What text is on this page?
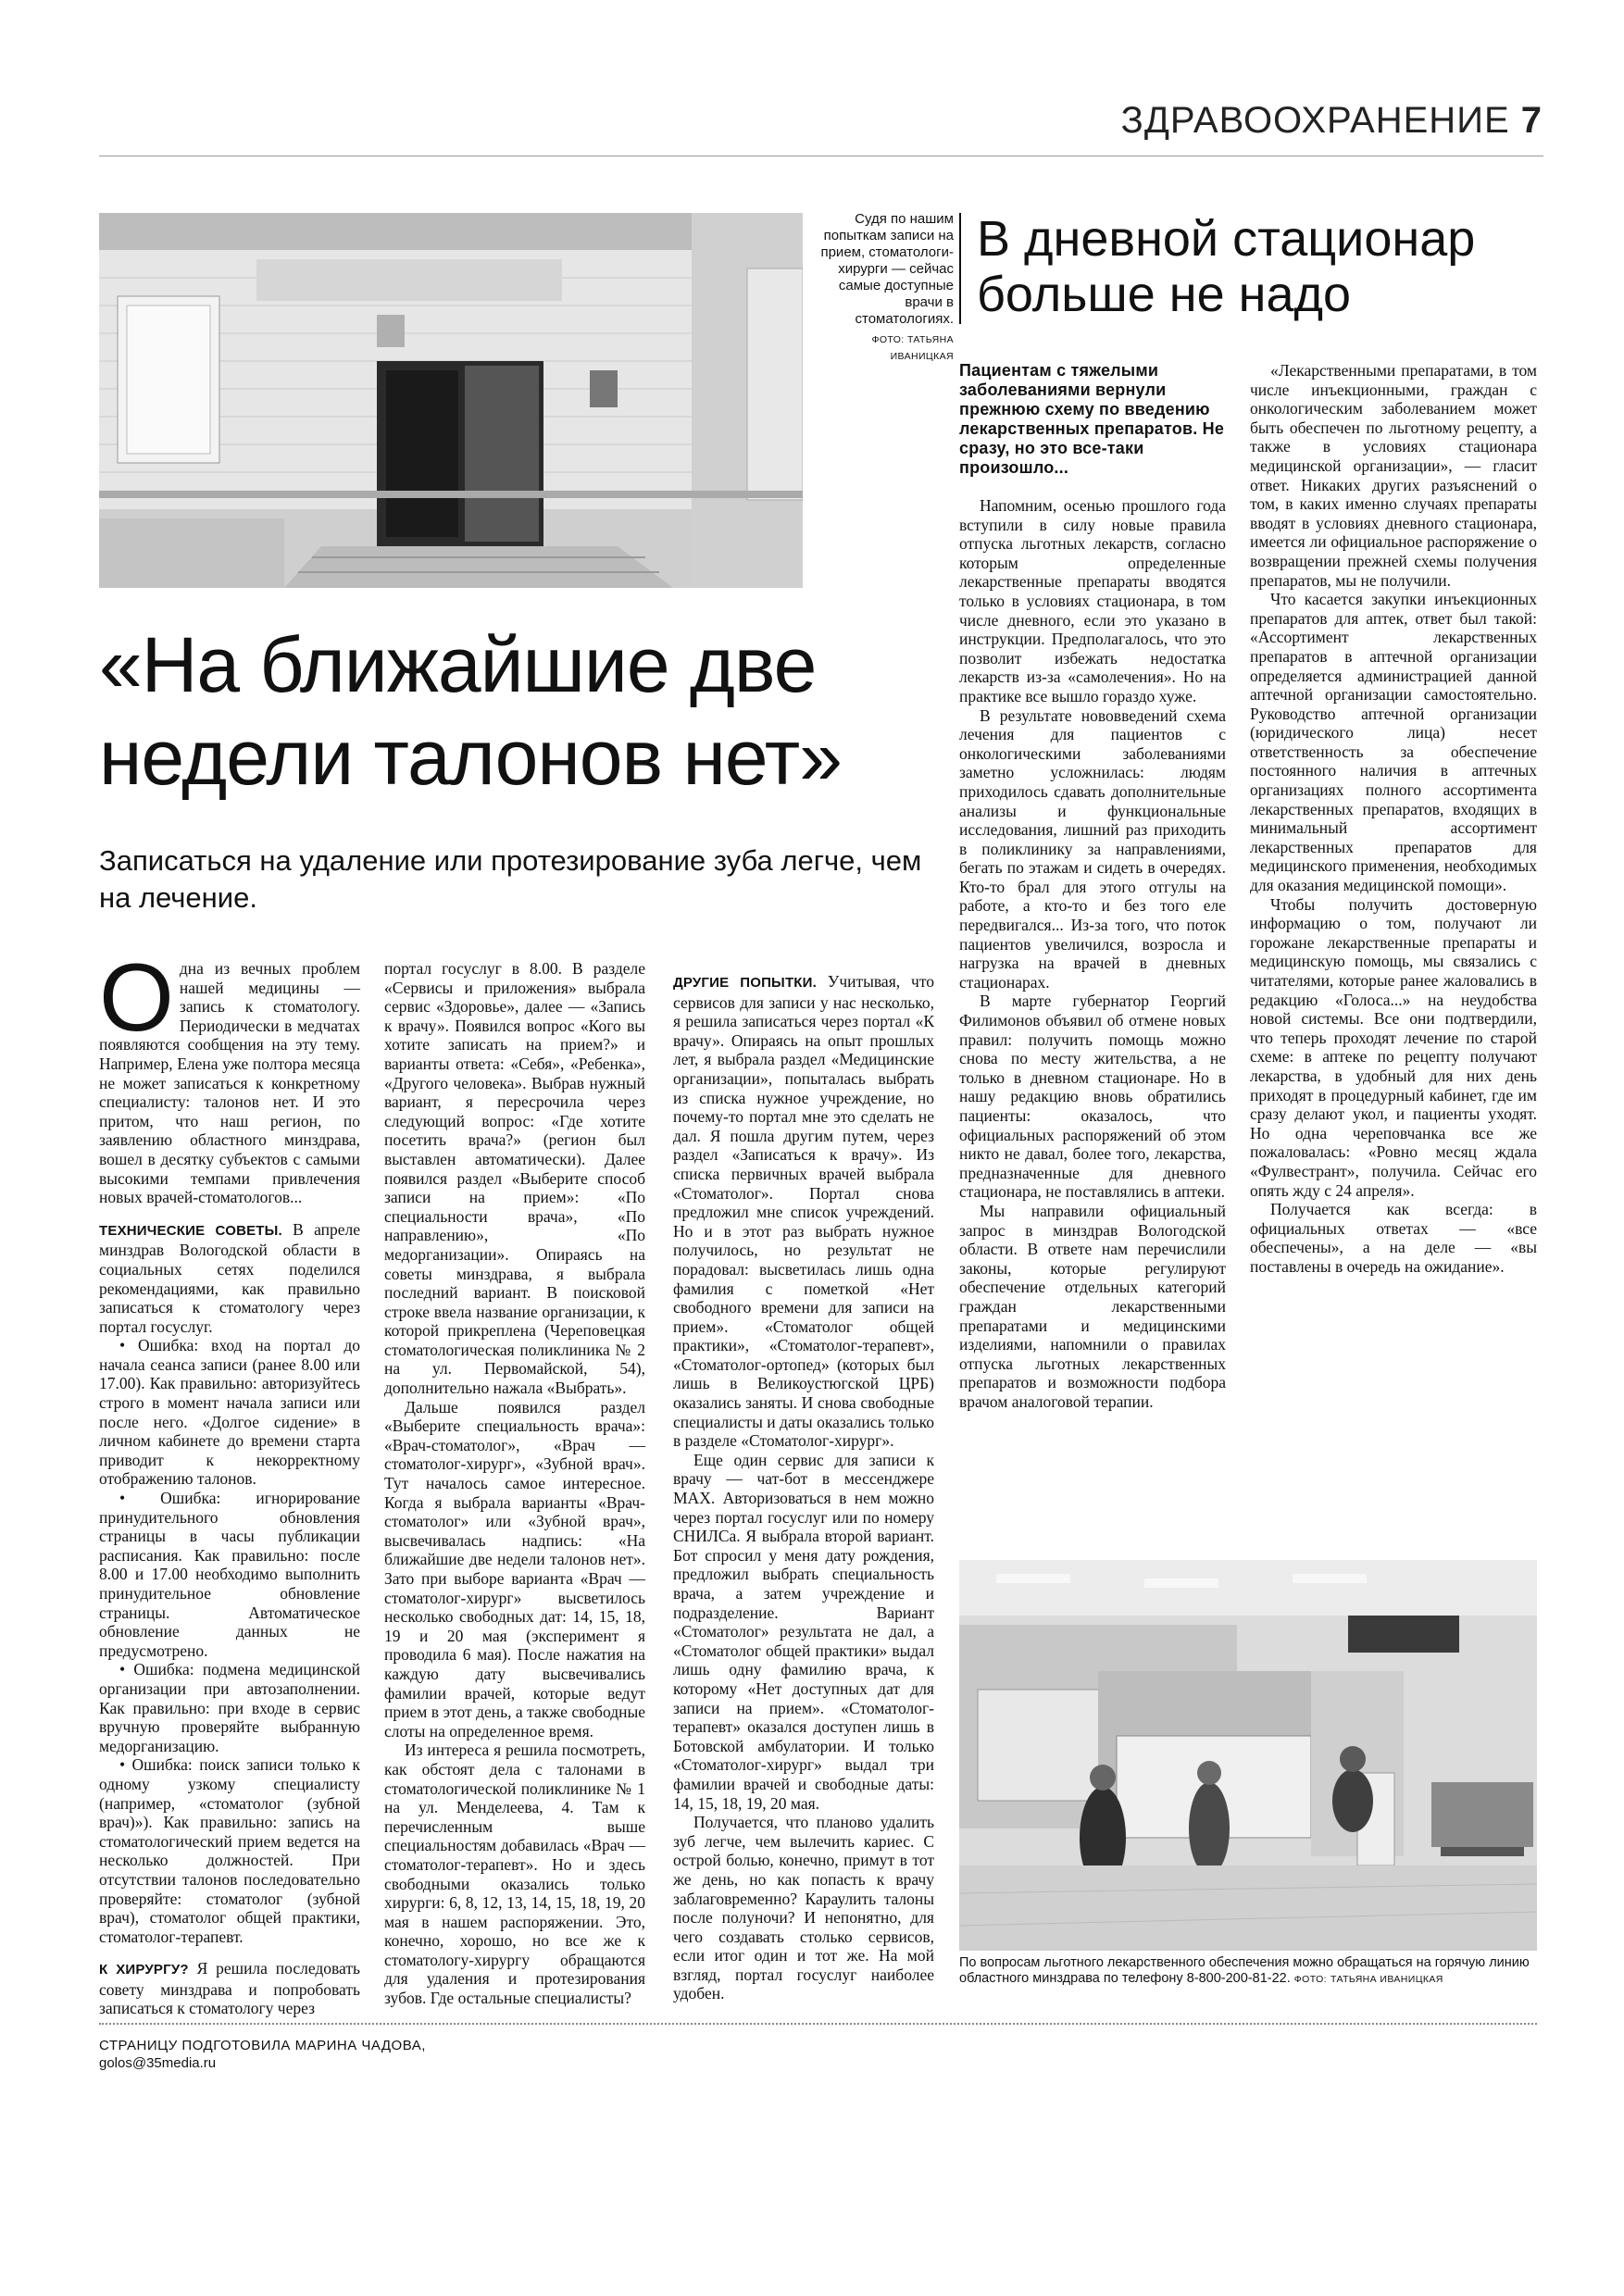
ЗДРАВООХРАНЕНИЕ 7
Судя по нашим попыткам записи на прием, стоматологи-хирурги — сейчас самые доступные врачи в стоматологиях.
ФОТО: ТАТЬЯНА ИВАНИЦКАЯ
«На ближайшие две
недели талонов нет»
Записаться на удаление или протезирование зуба легче, чем на лечение.

Одна из вечных проблем нашей медицины — запись к стоматологу. Периодически в медчатах появляются сообщения на эту тему. Например, Елена уже полтора месяца не может записаться к конкретному специалисту: талонов нет. И это притом, что наш регион, по заявлению областного минздрава, вошел в десятку субъектов с самыми высокими темпами привлечения новых врачей-стоматологов...

ТЕХНИЧЕСКИЕ СОВЕТЫ. В апреле минздрав Вологодской области в социальных сетях поделился рекомендациями, как правильно записаться к стоматологу через портал госуслуг.

• Ошибка: вход на портал до начала сеанса записи (ранее 8.00 или 17.00). Как правильно: авторизуйтесь строго в момент начала записи или после него. «Долгое сидение» в личном кабинете до времени старта приводит к некорректному отображению талонов.

• Ошибка: игнорирование принудительного обновления страницы в часы публикации расписания. Как правильно: после 8.00 и 17.00 необходимо выполнить принудительное обновление страницы. Автоматическое обновление данных не предусмотрено.

• Ошибка: подмена медицинской организации при автозаполнении. Как правильно: при входе в сервис вручную проверяйте выбранную медорганизацию.

• Ошибка: поиск записи только к одному узкому специалисту (например, «стоматолог (зубной врач)»). Как правильно: запись на стоматологический прием ведется на несколько должностей. При отсутствии талонов последовательно проверяйте: стоматолог (зубной врач), стоматолог общей практики, стоматолог-терапевт.

К ХИРУРГУ? Я решила последовать совету минздрава и попробовать записаться к стоматологу через

портал госуслуг в 8.00. В разделе «Сервисы и приложения» выбрала сервис «Здоровье», далее — «Запись к врачу». Появился вопрос «Кого вы хотите записать на прием?» и варианты ответа: «Себя», «Ребенка», «Другого человека». Выбрав нужный вариант, я пересрочила через следующий вопрос: «Где хотите посетить врача?» (регион был выставлен автоматически). Далее появился раздел «Выберите способ записи на прием»: «По специальности врача», «По направлению», «По медорганизации». Опираясь на советы минздрава, я выбрала последний вариант. В поисковой строке ввела название организации, к которой прикреплена (Череповецкая стоматологическая поликлиника № 2 на ул. Первомайской, 54), дополнительно нажала «Выбрать».

Дальше появился раздел «Выберите специальность врача»: «Врач-стоматолог», «Врач — стоматолог-хирург», «Зубной врач». Тут началось самое интересное. Когда я выбрала варианты «Врач-стоматолог» или «Зубной врач», высвечивалась надпись: «На ближайшие две недели талонов нет». Зато при выборе варианта «Врач — стоматолог-хирург» высветилось несколько свободных дат: 14, 15, 18, 19 и 20 мая (эксперимент я проводила 6 мая). После нажатия на каждую дату высвечивались фамилии врачей, которые ведут прием в этот день, а также свободные слоты на определенное время.

Из интереса я решила посмотреть, как обстоят дела с талонами в стоматологической поликлинике № 1 на ул. Менделеева, 4. Там к перечисленным выше специальностям добавилась «Врач — стоматолог-терапевт». Но и здесь свободными оказались только хирурги: 6, 8, 12, 13, 14, 15, 18, 19, 20 мая в нашем распоряжении. Это, конечно, хорошо, но все же к стоматологу-хирургу обращаются для удаления и протезирования зубов. Где остальные специалисты?

ДРУГИЕ ПОПЫТКИ. Учитывая, что сервисов для записи у нас несколько, я решила записаться через портал «К врачу». Опираясь на опыт прошлых лет, я выбрала раздел «Медицинские организации», попыталась выбрать из списка нужное учреждение, но почему-то портал мне это сделать не дал. Я пошла другим путем, через раздел «Записаться к врачу». Из списка первичных врачей выбрала «Стоматолог». Портал снова предложил мне список учреждений. Но и в этот раз выбрать нужное получилось, но результат не порадовал: высветилась лишь одна фамилия с пометкой «Нет свободного времени для записи на прием». «Стоматолог общей практики», «Стоматолог-терапевт», «Стоматолог-ортопед» (которых был лишь в Великоустюгской ЦРБ) оказались заняты. И снова свободные специалисты и даты оказались только в разделе «Стоматолог-хирург».

Еще один сервис для записи к врачу — чат-бот в мессенджере MAX. Авторизоваться в нем можно через портал госуслуг или по номеру СНИЛСа. Я выбрала второй вариант. Бот спросил у меня дату рождения, предложил выбрать специальность врача, а затем учреждение и подразделение. Вариант «Стоматолог» результата не дал, а «Стоматолог общей практики» выдал лишь одну фамилию врача, к которому «Нет доступных дат для записи на прием». «Стоматолог-терапевт» оказался доступен лишь в Ботовской амбулатории. И только «Стоматолог-хирург» выдал три фамилии врачей и свободные даты: 14, 15, 18, 19, 20 мая.

Получается, что планово удалить зуб легче, чем вылечить кариес. С острой болью, конечно, примут в тот же день, но как попасть к врачу заблаговременно? Караулить талоны после полуночи? И непонятно, для чего создавать столько сервисов, если итог один и тот же. На мой взгляд, портал госуслуг наиболее удобен.

В дневной стационар
больше не надо
Пациентам с тяжелыми заболеваниями вернули прежнюю схему по введению лекарственных препаратов. Не сразу, но это все-таки произошло...

Напомним, осенью прошлого года вступили в силу новые правила отпуска льготных лекарств, согласно которым определенные лекарственные препараты вводятся только в условиях стационара, в том числе дневного, если это указано в инструкции. Предполагалось, что это позволит избежать недостатка лекарств из-за «самолечения». Но на практике все вышло гораздо хуже.

В результате нововведений схема лечения для пациентов с онкологическими заболеваниями заметно усложнилась: людям приходилось сдавать дополнительные анализы и функциональные исследования, лишний раз приходить в поликлинику за направлениями, бегать по этажам и сидеть в очередях. Кто-то брал для этого отгулы на работе, а кто-то и без того еле передвигался... Из-за того, что поток пациентов увеличился, возросла и нагрузка на врачей в дневных стационарах.

В марте губернатор Георгий Филимонов объявил об отмене новых правил: получить помощь можно снова по месту жительства, а не только в дневном стационаре. Но в нашу редакцию вновь обратились пациенты: оказалось, что официальных распоряжений об этом никто не давал, более того, лекарства, предназначенные для дневного стационара, не поставлялись в аптеки.

Мы направили официальный запрос в минздрав Вологодской области. В ответе нам перечислили законы, которые регулируют обеспечение отдельных категорий граждан лекарственными препаратами и медицинскими изделиями, напомнили о правилах отпуска льготных лекарственных препаратов и возможности подбора врачом аналоговой терапии.

«Лекарственными препаратами, в том числе инъекционными, граждан с онкологическим заболеванием может быть обеспечен по льготному рецепту, а также в условиях стационара медицинской организации», — гласит ответ. Никаких других разъяснений о том, в каких именно случаях препараты вводят в условиях дневного стационара, имеется ли официальное распоряжение о возвращении прежней схемы получения препаратов, мы не получили.

Что касается закупки инъекционных препаратов для аптек, ответ был такой: «Ассортимент лекарственных препаратов в аптечной организации определяется администрацией данной аптечной организации самостоятельно. Руководство аптечной организации (юридического лица) несет ответственность за обеспечение постоянного наличия в аптечных организациях полного ассортимента лекарственных препаратов, входящих в минимальный ассортимент лекарственных препаратов для медицинского применения, необходимых для оказания медицинской помощи».

Чтобы получить достоверную информацию о том, получают ли горожане лекарственные препараты и медицинскую помощь, мы связались с читателями, которые ранее жаловались в редакцию «Голоса...» на неудобства новой системы. Все они подтвердили, что теперь проходят лечение по старой схеме: в аптеке по рецепту получают лекарства, в удобный для них день приходят в процедурный кабинет, где им сразу делают укол, и пациенты уходят. Но одна череповчанка все же пожаловалась: «Ровно месяц ждала «Фулвестрант», получила. Сейчас его опять жду с 24 апреля».

Получается как всегда: в официальных ответах — «все обеспечены», а на деле — «вы поставлены в очередь на ожидание».

По вопросам льготного лекарственного обеспечения можно обращаться на горячую линию областного минздрава по телефону 8-800-200-81-22. ФОТО: ТАТЬЯНА ИВАНИЦКАЯ
СТРАНИЦУ ПОДГОТОВИЛА МАРИНА ЧАДОВА,
golos@35media.ru
